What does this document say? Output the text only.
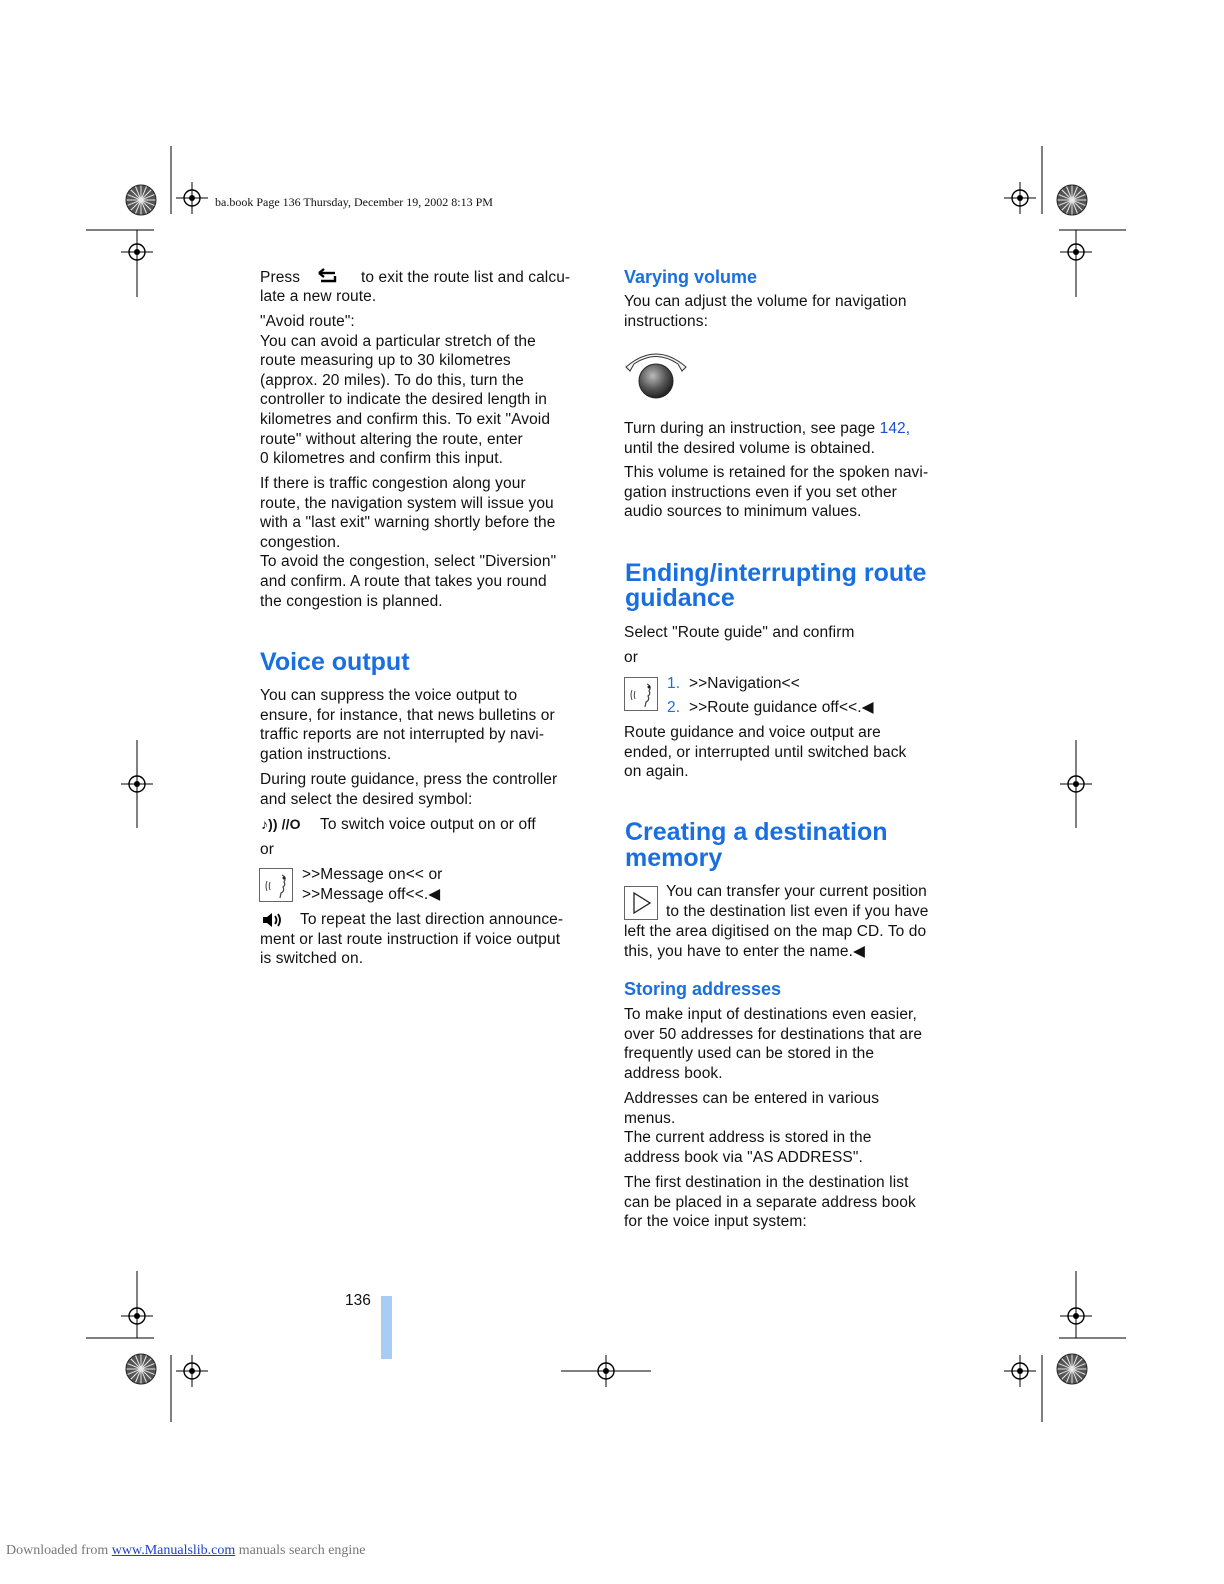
ba.book Page 136 Thursday, December 19, 2002 8:13 PM
Press	to exit the route list and calcu-
late a new route.
"Avoid route":
You can avoid a particular stretch of the
route measuring up to 30 kilometres
(approx. 20 miles). To do this, turn the
controller to indicate the desired length in
kilometres and confirm this. To exit "Avoid
route" without altering the route, enter
0 kilometres and confirm this input.
If there is traffic congestion along your
route, the navigation system will issue you
with a "last exit" warning shortly before the
congestion.
To avoid the congestion, select "Diversion"
and confirm. A route that takes you round
the congestion is planned.
Voice output
You can suppress the voice output to
ensure, for instance, that news bulletins or
traffic reports are not interrupted by navi-
gation instructions.
During route guidance, press the controller
and select the desired symbol:
♪)) //O To switch voice output on or off
or
>>Message on<< or
>>Message off<<.◀
To repeat the last direction announce-
ment or last route instruction if voice output
is switched on.
Varying volume
You can adjust the volume for navigation
instructions:
Turn during an instruction, see page 142,
until the desired volume is obtained.
This volume is retained for the spoken navi-
gation instructions even if you set other
audio sources to minimum values.
Ending/interrupting route
guidance
Select "Route guide" and confirm
or
1. >>Navigation<<
2. >>Route guidance off<<.◀
Route guidance and voice output are
ended, or interrupted until switched back
on again.
Creating a destination
memory
You can transfer your current position
to the destination list even if you have
left the area digitised on the map CD. To do
this, you have to enter the name.◀
Storing addresses
To make input of destinations even easier,
over 50 addresses for destinations that are
frequently used can be stored in the
address book.
Addresses can be entered in various
menus.
The current address is stored in the
address book via "AS ADDRESS".
The first destination in the destination list
can be placed in a separate address book
for the voice input system:
136
Downloaded from www.Manualslib.com manuals search engine
